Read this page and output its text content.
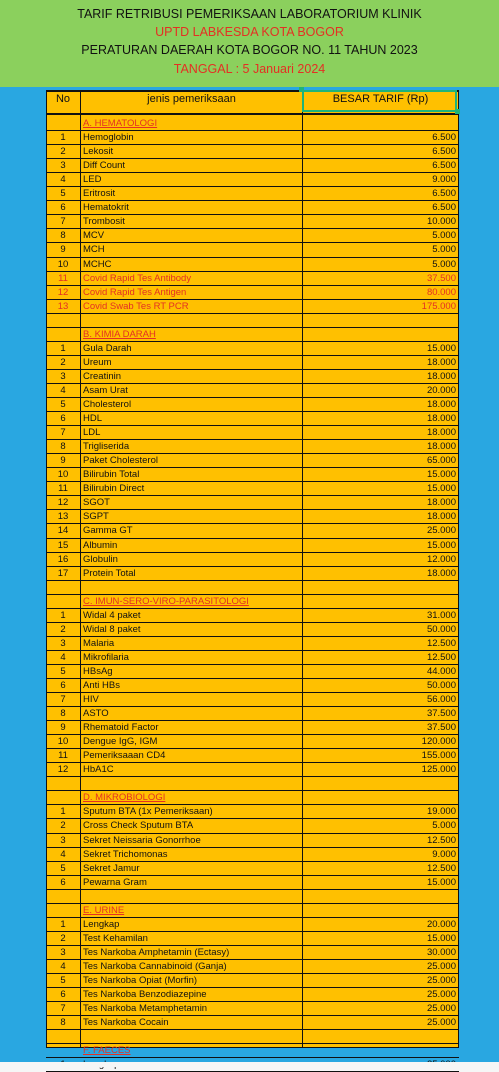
TARIF RETRIBUSI PEMERIKSAAN LABORATORIUM KLINIK
UPTD LABKESDA KOTA BOGOR
PERATURAN DAERAH KOTA BOGOR NO. 11 TAHUN 2023
TANGGAL : 5 Januari 2024
No	jenis pemeriksaan	BESAR TARIF (Rp)
A. HEMATOLOGI
1	Hemoglobin	6.500
2	Lekosit	6.500
3	Diff Count	6.500
4	LED	9.000
5	Eritrosit	6.500
6	Hematokrit	6.500
7	Trombosit	10.000
8	MCV	5.000
9	MCH	5.000
10	MCHC	5.000
11	Covid Rapid Tes Antibody	37.500
12	Covid Rapid Tes Antigen	80.000
13	Covid Swab Tes RT PCR	175.000
B. KIMIA DARAH
1	Gula Darah	15.000
2	Ureum	18.000
3	Creatinin	18.000
4	Asam Urat	20.000
5	Cholesterol	18.000
6	HDL	18.000
7	LDL	18.000
8	Trigliserida	18.000
9	Paket Cholesterol	65.000
10	Bilirubin Total	15.000
11	Bilirubin Direct	15.000
12	SGOT	18.000
13	SGPT	18.000
14	Gamma GT	25.000
15	Albumin	15.000
16	Globulin	12.000
17	Protein Total	18.000
C. IMUN-SERO-VIRO-PARASITOLOGI
1	Widal 4 paket	31.000
2	Widal 8 paket	50.000
3	Malaria	12.500
4	Mikrofilaria	12.500
5	HBsAg	44.000
6	Anti HBs	50.000
7	HIV	56.000
8	ASTO	37.500
9	Rhematoid Factor	37.500
10	Dengue IgG, IGM	120.000
11	Pemeriksaaan CD4	155.000
12	HbA1C	125.000
D. MIKROBIOLOGI
1	Sputum BTA (1x Pemeriksaan)	19.000
2	Cross Check Sputum BTA	5.000
3	Sekret Neissaria Gonorrhoe	12.500
4	Sekret Trichomonas	9.000
5	Sekret Jamur	12.500
6	Pewarna Gram	15.000
E. URINE
1	Lengkap	20.000
2	Test Kehamilan	15.000
3	Tes Narkoba Amphetamin (Ectasy)	30.000
4	Tes Narkoba Cannabinoid (Ganja)	25.000
5	Tes Narkoba Opiat (Morfin)	25.000
6	Tes Narkoba Benzodiazepine	25.000
7	Tes Narkoba Metamphetamin	25.000
8	Tes Narkoba Cocain	25.000
F. FAECES
